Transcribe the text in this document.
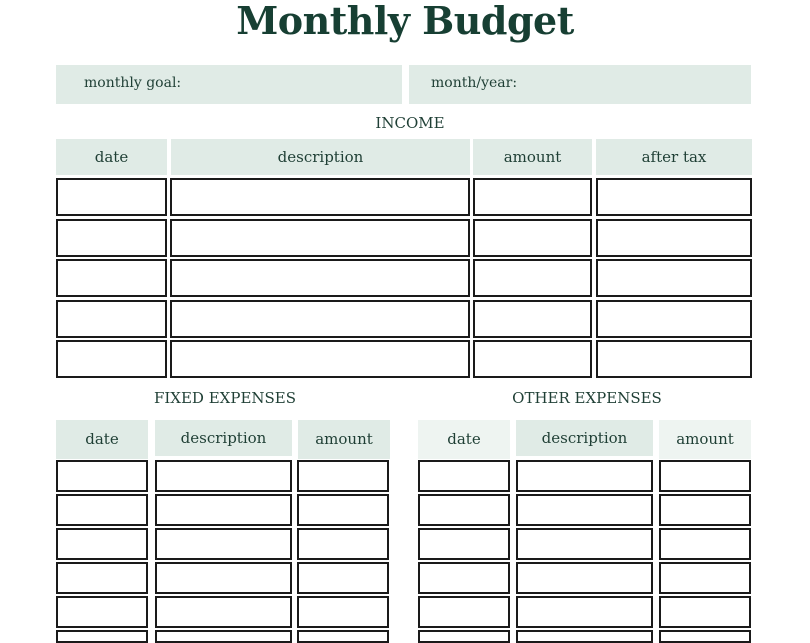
Monthly Budget
monthly goal:	month/year:
INCOME
date	description	amount	after tax
FIXED EXPENSES
date	description	amount
OTHER EXPENSES
date	description	amount
